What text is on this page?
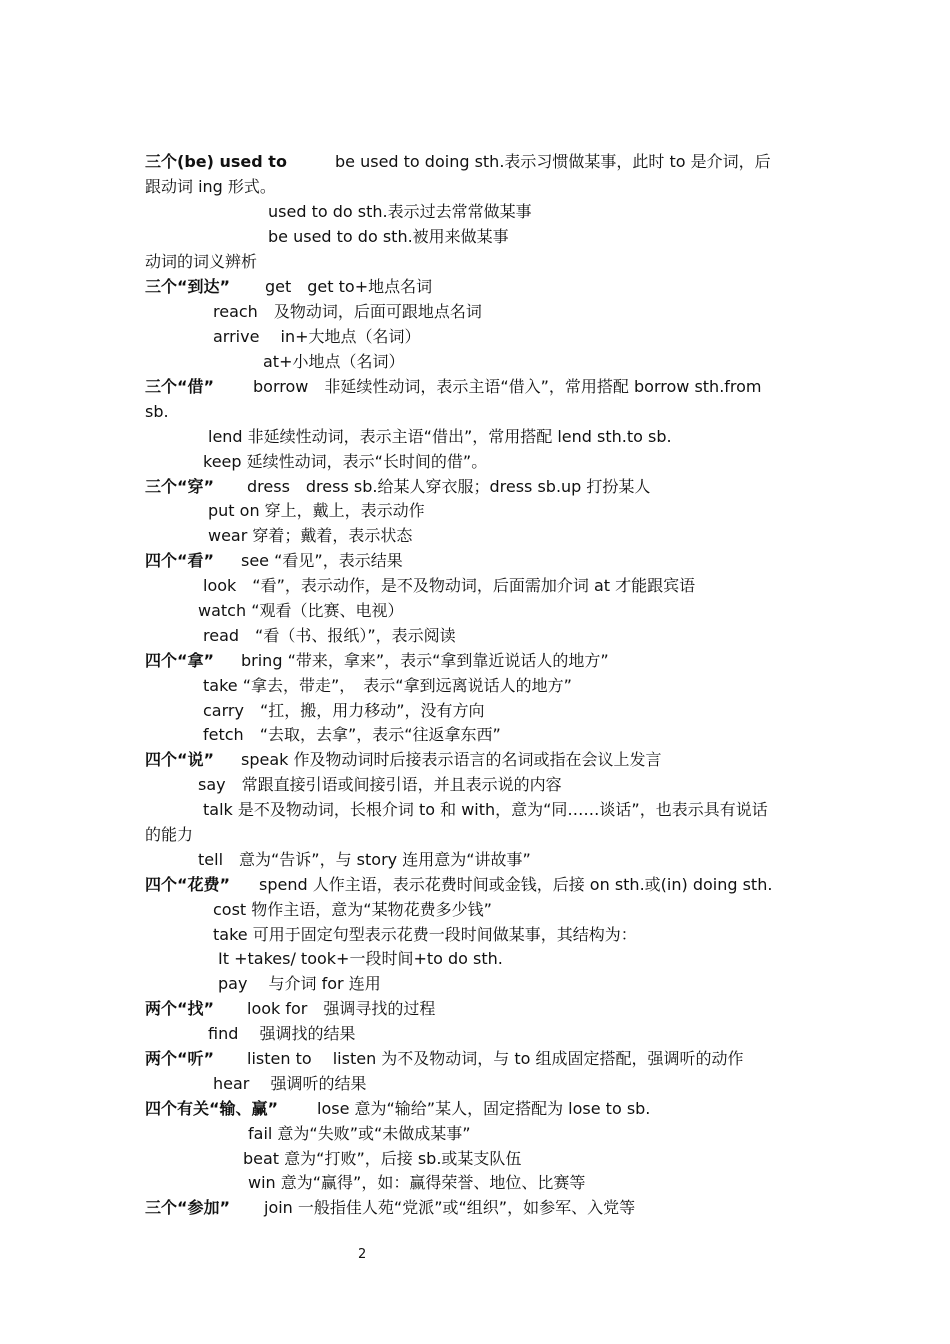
三个(be) used to	be used to doing sth.表示习惯做某事，此时 to 是介词，后
跟动词 ing 形式。
used to do sth.表示过去常常做某事
be used to do sth.被用来做某事
动词的词义辨析
三个“到达” get　get to+地点名词
reach　及物动词，后面可跟地点名词
arrive　 in+大地点（名词）
at+小地点（名词）
三个“借” borrow　非延续性动词，表示主语“借入”，常用搭配 borrow sth.from
sb.
lend 非延续性动词，表示主语“借出”，常用搭配 lend sth.to sb.
keep 延续性动词，表示“长时间的借”。
三个“穿” dress　dress sb.给某人穿衣服；dress sb.up 打扮某人
put on 穿上，戴上，表示动作
wear 穿着；戴着，表示状态
四个“看” see “看见”，表示结果
look　“看”，表示动作，是不及物动词，后面需加介词 at 才能跟宾语
watch “观看（比赛、电视）
read　“看（书、报纸）”，表示阅读
四个“拿” bring “带来，拿来”，表示“拿到靠近说话人的地方”
take “拿去，带走”，　表示“拿到远离说话人的地方”
carry　“扛，搬，用力移动”，没有方向
fetch　“去取，去拿”，表示“往返拿东西”
四个“说” speak 作及物动词时后接表示语言的名词或指在会议上发言
say　常跟直接引语或间接引语，并且表示说的内容
talk 是不及物动词，长根介词 to 和 with，意为“同……谈话”，也表示具有说话
的能力
tell　意为“告诉”，与 story 连用意为“讲故事”
四个“花费” spend 人作主语，表示花费时间或金钱，后接 on sth.或(in) doing sth.
cost 物作主语，意为“某物花费多少钱”
take 可用于固定句型表示花费一段时间做某事，其结构为：
It +takes/ took+一段时间+to do sth.
pay　 与介词 for 连用
两个“找” look for　强调寻找的过程
find　 强调找的结果
两个“听” listen to　 listen 为不及物动词，与 to 组成固定搭配，强调听的动作
hear　 强调听的结果
四个有关“输、赢” lose 意为“输给”某人，固定搭配为 lose to sb.
fail 意为“失败”或“未做成某事”
beat 意为“打败”，后接 sb.或某支队伍
win 意为“赢得”，如：赢得荣誉、地位、比赛等
三个“参加” join 一般指佳人苑“党派”或“组织”，如参军、入党等
2
